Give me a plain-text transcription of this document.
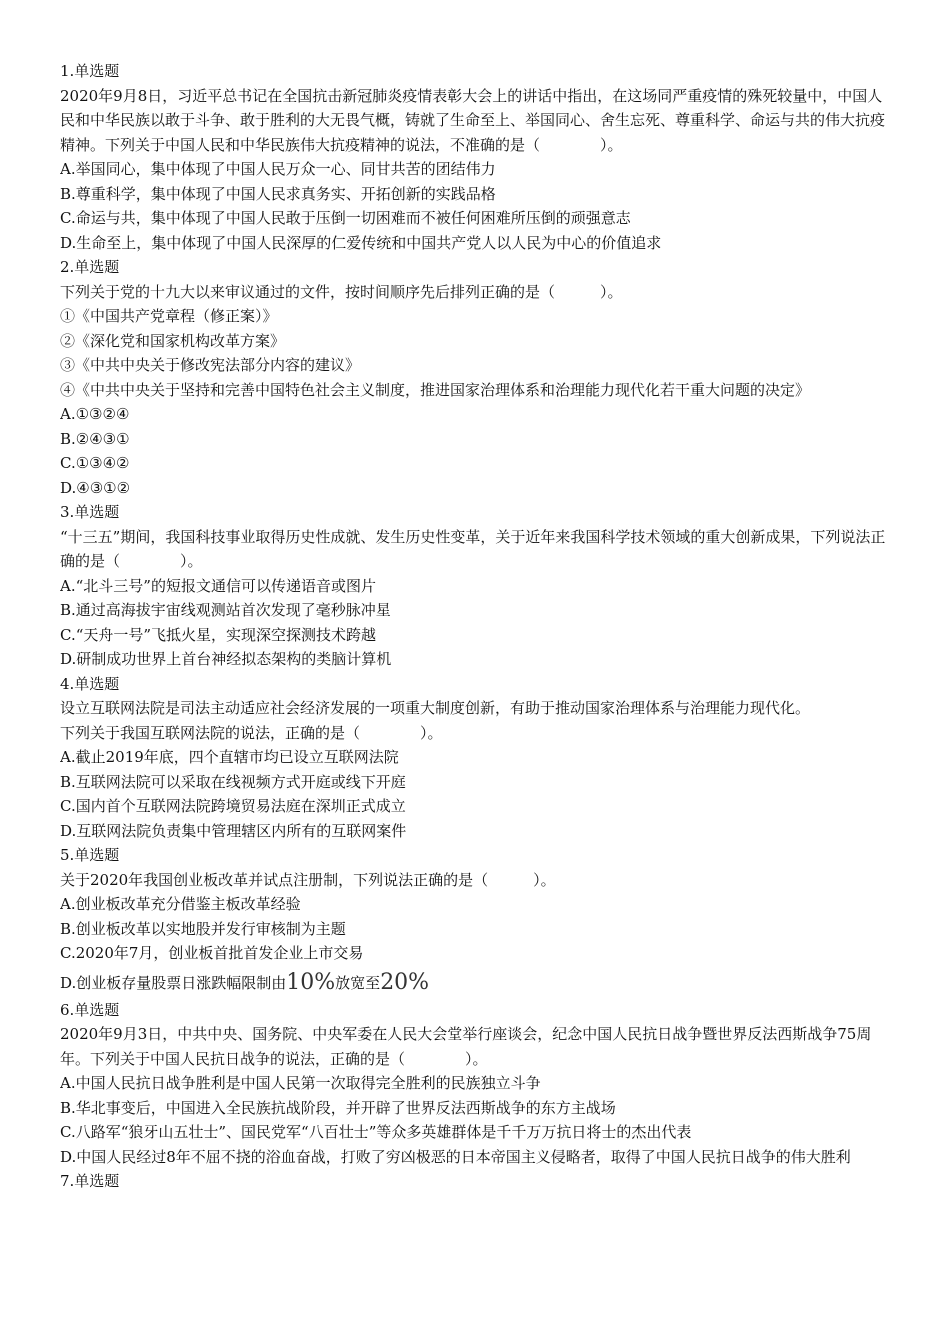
1.单选题
2020年9月8日，习近平总书记在全国抗击新冠肺炎疫情表彰大会上的讲话中指出，在这场同严重疫情的殊死较量中，中国人民和中华民族以敢于斗争、敢于胜利的大无畏气概，铸就了生命至上、举国同心、舍生忘死、尊重科学、命运与共的伟大抗疫精神。下列关于中国人民和中华民族伟大抗疫精神的说法，不准确的是（　　　　）。
A.举国同心，集中体现了中国人民万众一心、同甘共苦的团结伟力
B.尊重科学，集中体现了中国人民求真务实、开拓创新的实践品格
C.命运与共，集中体现了中国人民敢于压倒一切困难而不被任何困难所压倒的顽强意志
D.生命至上，集中体现了中国人民深厚的仁爱传统和中国共产党人以人民为中心的价值追求
2.单选题
下列关于党的十九大以来审议通过的文件，按时间顺序先后排列正确的是（　　　）。
①《中国共产党章程（修正案）》
②《深化党和国家机构改革方案》
③《中共中央关于修改宪法部分内容的建议》
④《中共中央关于坚持和完善中国特色社会主义制度，推进国家治理体系和治理能力现代化若干重大问题的决定》
A.①③②④
B.②④③①
C.①③④②
D.④③①②
3.单选题
“十三五”期间，我国科技事业取得历史性成就、发生历史性变革，关于近年来我国科学技术领域的重大创新成果，下列说法正确的是（　　　　）。
A.“北斗三号”的短报文通信可以传递语音或图片
B.通过高海拔宇宙线观测站首次发现了毫秒脉冲星
C.“天舟一号”飞抵火星，实现深空探测技术跨越
D.研制成功世界上首台神经拟态架构的类脑计算机
4.单选题
设立互联网法院是司法主动适应社会经济发展的一项重大制度创新，有助于推动国家治理体系与治理能力现代化。
下列关于我国互联网法院的说法，正确的是（　　　　）。
A.截止2019年底，四个直辖市均已设立互联网法院
B.互联网法院可以采取在线视频方式开庭或线下开庭
C.国内首个互联网法院跨境贸易法庭在深圳正式成立
D.互联网法院负责集中管理辖区内所有的互联网案件
5.单选题
关于2020年我国创业板改革并试点注册制，下列说法正确的是（　　　）。
A.创业板改革充分借鉴主板改革经验
B.创业板改革以实地股并发行审核制为主题
C.2020年7月，创业板首批首发企业上市交易
D.创业板存量股票日涨跌幅限制由10%放宽至20%
6.单选题
2020年9月3日，中共中央、国务院、中央军委在人民大会堂举行座谈会，纪念中国人民抗日战争暨世界反法西斯战争75周年。下列关于中国人民抗日战争的说法，正确的是（　　　　）。
A.中国人民抗日战争胜利是中国人民第一次取得完全胜利的民族独立斗争
B.华北事变后，中国进入全民族抗战阶段，并开辟了世界反法西斯战争的东方主战场
C.八路军“狼牙山五壮士”、国民党军“八百壮士”等众多英雄群体是千千万万抗日将士的杰出代表
D.中国人民经过8年不屈不挠的浴血奋战，打败了穷凶极恶的日本帝国主义侵略者，取得了中国人民抗日战争的伟大胜利
7.单选题
